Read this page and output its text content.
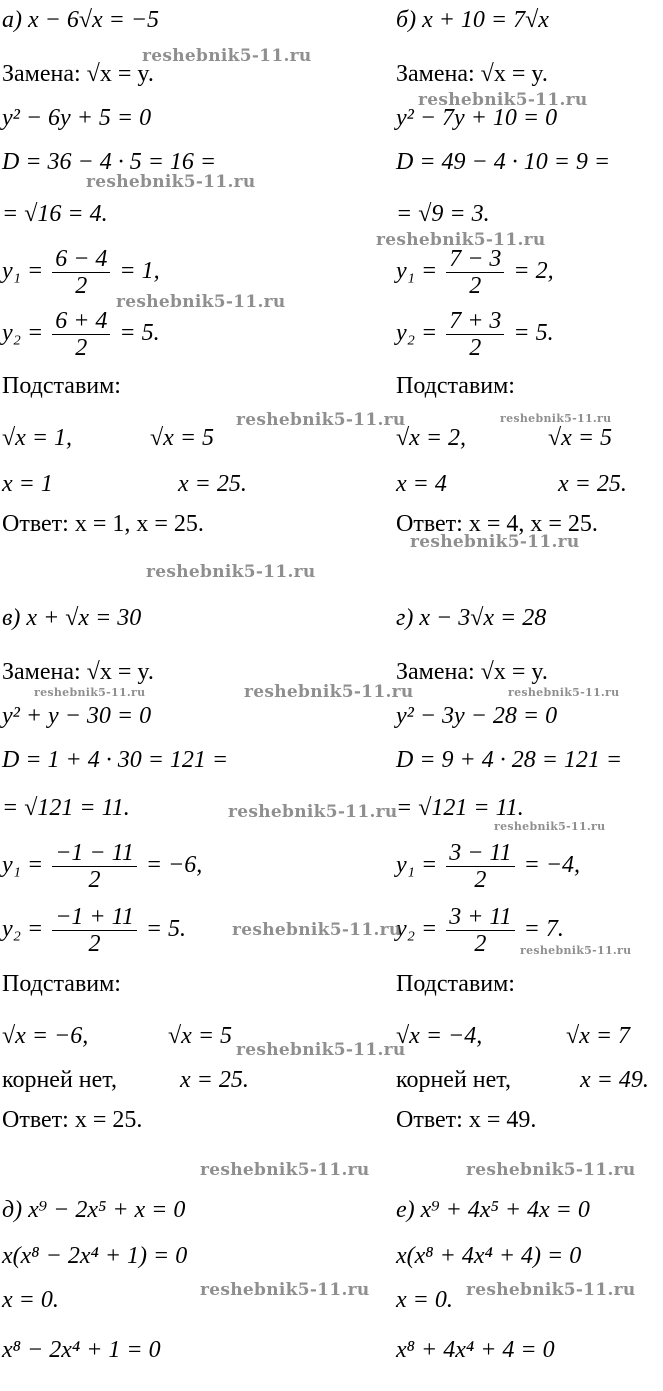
а) x − 6√x = −5
Замена: √x = y.
y² − 6y + 5 = 0
D = 36 − 4 · 5 = 16 =
= √16 = 4.
$y_1 = \frac{6 - 4}{2} = 1$,
$y_2 = \frac{6 + 4}{2} = 5$.
Подставим:
√x = 1,	√x = 5
x = 1	x = 25.
Ответ: x = 1, x = 25.
б) x + 10 = 7√x
Замена: √x = y.
y² − 7y + 10 = 0
D = 49 − 4 · 10 = 9 =
= √9 = 3.
$y_1 = \frac{7 - 3}{2} = 2$,
$y_2 = \frac{7 + 3}{2} = 5$.
Подставим:
√x = 2,	√x = 5
x = 4	x = 25.
Ответ: x = 4, x = 25.
в) x + √x = 30
Замена: √x = y.
y² + y − 30 = 0
D = 1 + 4 · 30 = 121 =
= √121 = 11.
$y_1 = \frac{-1 - 11}{2} = -6$,
$y_2 = \frac{-1 + 11}{2} = 5$.
Подставим:
√x = −6,	√x = 5
корней нет,	x = 25.
Ответ: x = 25.
г) x − 3√x = 28
Замена: √x = y.
y² − 3y − 28 = 0
D = 9 + 4 · 28 = 121 =
= √121 = 11.
$y_1 = \frac{3 - 11}{2} = -4$,
$y_2 = \frac{3 + 11}{2} = 7$.
Подставим:
√x = −4,	√x = 7
корней нет,	x = 49.
Ответ: x = 49.
д) x⁹ − 2x⁵ + x = 0
x(x⁸ − 2x⁴ + 1) = 0
x = 0.
x⁸ − 2x⁴ + 1 = 0
е) x⁹ + 4x⁵ + 4x = 0
x(x⁸ + 4x⁴ + 4) = 0
x = 0.
x⁸ + 4x⁴ + 4 = 0
reshebnik5-11.ru
reshebnik5-11.ru
reshebnik5-11.ru
reshebnik5-11.ru
reshebnik5-11.ru
reshebnik5-11.ru
reshebnik5-11.ru
reshebnik5-11.ru
reshebnik5-11.ru
reshebnik5-11.ru	reshebnik5-11.ru	reshebnik5-11.ru
reshebnik5-11.ru
reshebnik5-11.ru
reshebnik5-11.ru
reshebnik5-11.ru
reshebnik5-11.ru
reshebnik5-11.ru	reshebnik5-11.ru
reshebnik5-11.ru	reshebnik5-11.ru
